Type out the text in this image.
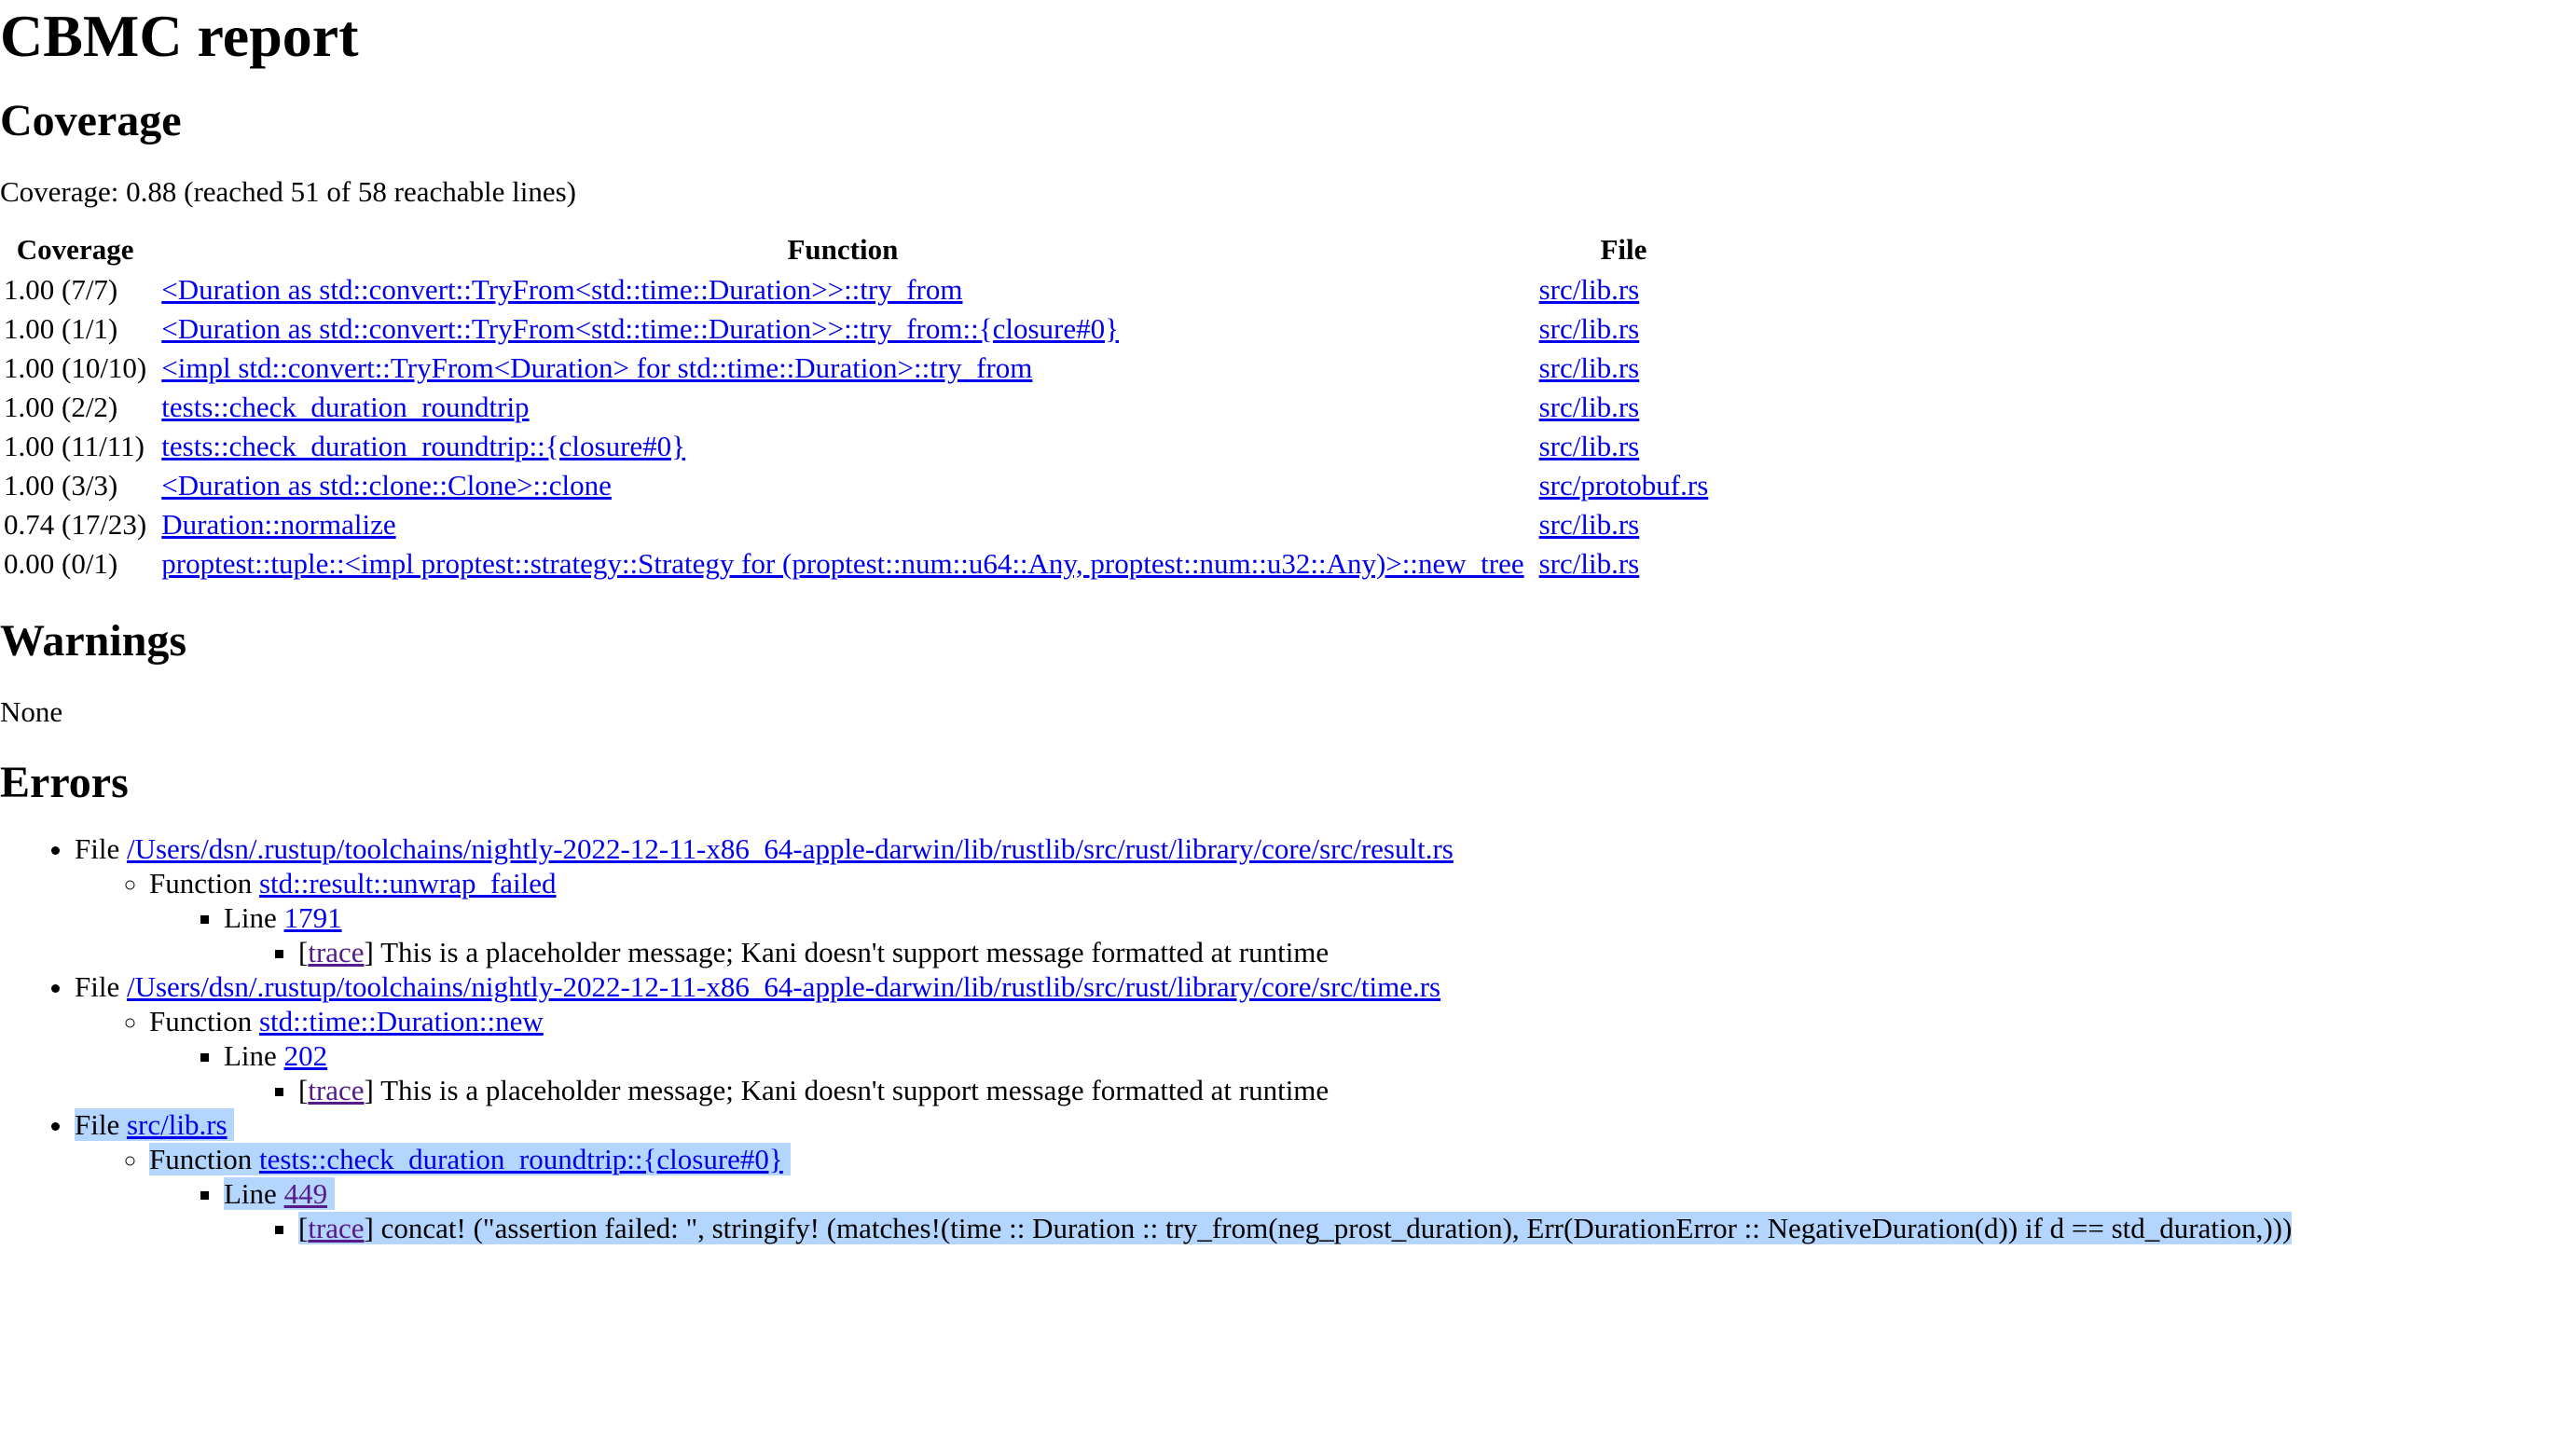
CBMC report
Coverage

Coverage: 0.88 (reached 51 of 58 reachable lines)

Coverage	Function	File
1.00 (7/7)	<Duration as std::convert::TryFrom<std::time::Duration>>::try_from	src/lib.rs
1.00 (1/1)	<Duration as std::convert::TryFrom<std::time::Duration>>::try_from::{closure#0}	src/lib.rs
1.00 (10/10)	<impl std::convert::TryFrom<Duration> for std::time::Duration>::try_from	src/lib.rs
1.00 (2/2)	tests::check_duration_roundtrip	src/lib.rs
1.00 (11/11)	tests::check_duration_roundtrip::{closure#0}	src/lib.rs
1.00 (3/3)	<Duration as std::clone::Clone>::clone	src/protobuf.rs
0.74 (17/23)	Duration::normalize	src/lib.rs
0.00 (0/1)	proptest::tuple::<impl proptest::strategy::Strategy for (proptest::num::u64::Any, proptest::num::u32::Any)>::new_tree	src/lib.rs
Warnings

None

Errors
• File /Users/dsn/.rustup/toolchains/nightly-2022-12-11-x86_64-apple-darwin/lib/rustlib/src/rust/library/core/src/result.rs
◦ Function std::result::unwrap_failed
▪ Line 1791
▪ [trace] This is a placeholder message; Kani doesn't support message formatted at runtime
• File /Users/dsn/.rustup/toolchains/nightly-2022-12-11-x86_64-apple-darwin/lib/rustlib/src/rust/library/core/src/time.rs
◦ Function std::time::Duration::new
▪ Line 202
▪ [trace] This is a placeholder message; Kani doesn't support message formatted at runtime
• File src/lib.rs
◦ Function tests::check_duration_roundtrip::{closure#0}
▪ Line 449
▪ [trace] concat! ("assertion failed: ", stringify! (matches!(time :: Duration :: try_from(neg_prost_duration), Err(DurationError :: NegativeDuration(d)) if d == std_duration,)))
